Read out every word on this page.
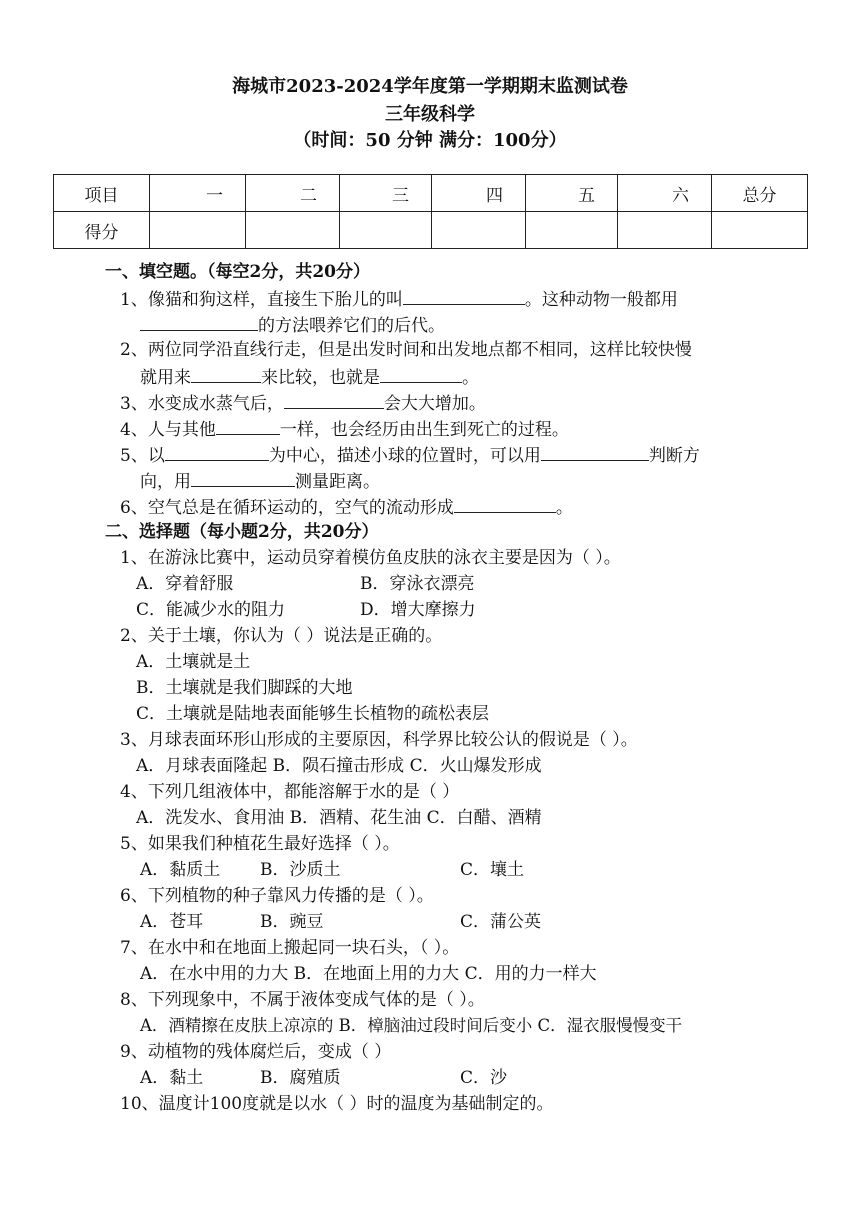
海城市2023-2024学年度第一学期期末监测试卷
三年级科学
（时间：50 分钟 满分：100分）
项目	一	二	三	四	五	六	总分
得分							
一、填空题。（每空2分，共20分）
1、像猫和狗这样，直接生下胎儿的叫	。这种动物一般都用
的方法喂养它们的后代。
2、两位同学沿直线行走，但是出发时间和出发地点都不相同，这样比较快慢
就用来	来比较，也就是	。
3、水变成水蒸气后，	会大大增加。
4、人与其他	一样，也会经历由出生到死亡的过程。
5、以	为中心，描述小球的位置时，可以用	判断方
向，用	测量距离。
6、空气总是在循环运动的，空气的流动形成	。
二、选择题（每小题2分，共20分）
1、在游泳比赛中，运动员穿着模仿鱼皮肤的泳衣主要是因为（ ）。
A．穿着舒服	B．穿泳衣漂亮
C．能减少水的阻力	D．增大摩擦力
2、关于土壤，你认为（ ）说法是正确的。
A．土壤就是土
B．土壤就是我们脚踩的大地
C．土壤就是陆地表面能够生长植物的疏松表层
3、月球表面环形山形成的主要原因，科学界比较公认的假说是（ ）。
A．月球表面隆起 B．陨石撞击形成 C．火山爆发形成
4、下列几组液体中，都能溶解于水的是（ ）
A．洗发水、食用油 B．酒精、花生油 C．白醋、酒精
5、如果我们种植花生最好选择（ ）。
A．黏质土 B．沙质土	C．壤土
6、下列植物的种子靠风力传播的是（ ）。
A．苍耳	B．豌豆	C．蒲公英
7、在水中和在地面上搬起同一块石头，（ ）。
A．在水中用的力大 B．在地面上用的力大 C．用的力一样大
8、下列现象中，不属于液体变成气体的是（ ）。
A．酒精擦在皮肤上凉凉的 B．樟脑油过段时间后变小 C．湿衣服慢慢变干
9、动植物的残体腐烂后，变成（ ）
A．黏土	B．腐殖质	C．沙
10、温度计100度就是以水（ ）时的温度为基础制定的。
